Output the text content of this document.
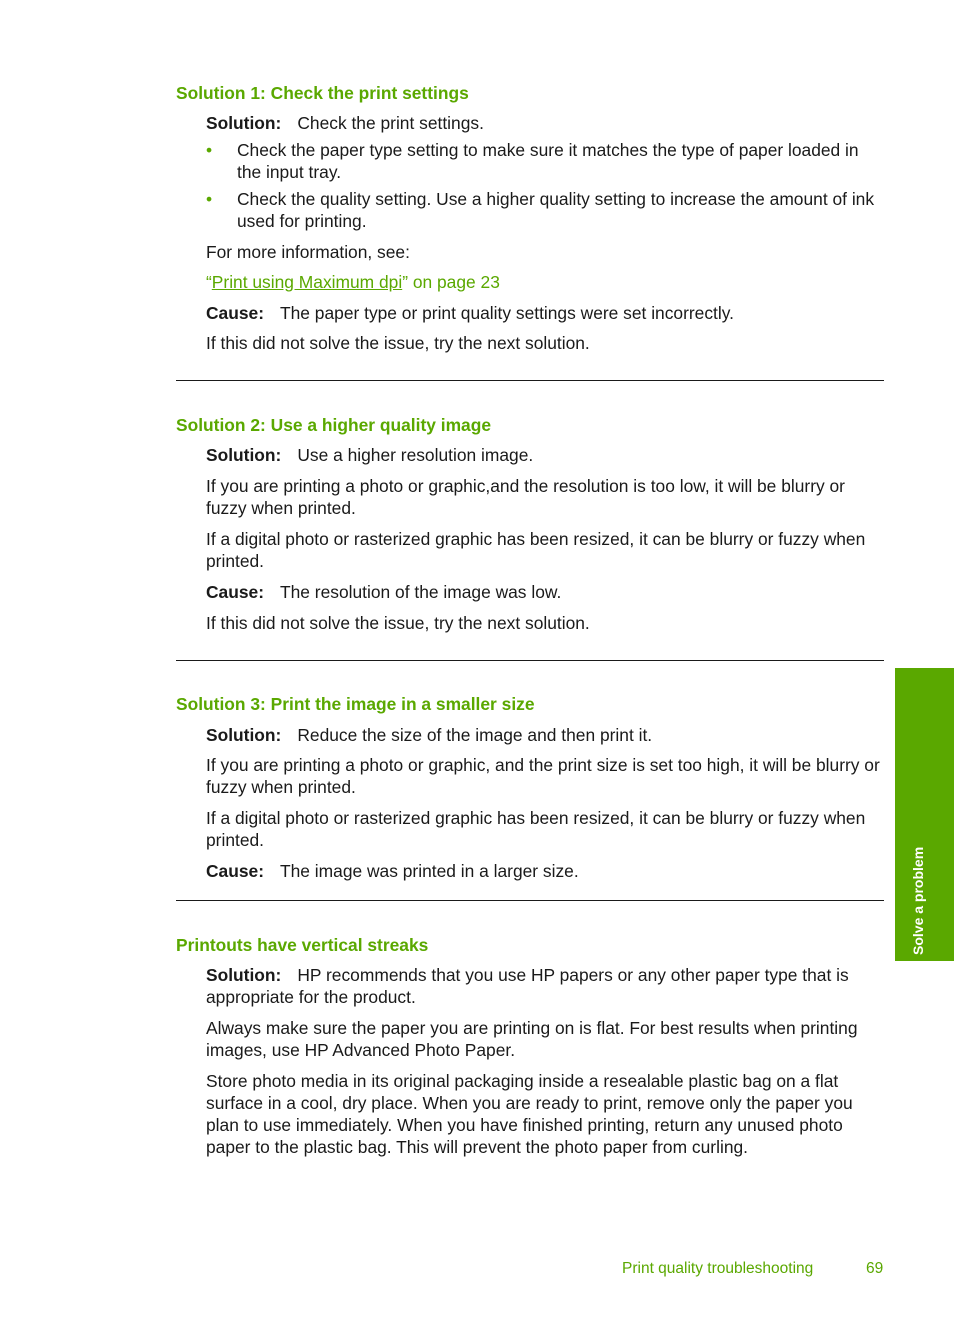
Solution 1: Check the print settings
Solution: Check the print settings.
• Check the paper type setting to make sure it matches the type of paper loaded in the input tray.
• Check the quality setting. Use a higher quality setting to increase the amount of ink used for printing.
For more information, see:
“Print using Maximum dpi” on page 23
Cause: The paper type or print quality settings were set incorrectly.
If this did not solve the issue, try the next solution.
Solution 2: Use a higher quality image
Solution: Use a higher resolution image.
If you are printing a photo or graphic,and the resolution is too low, it will be blurry or fuzzy when printed.
If a digital photo or rasterized graphic has been resized, it can be blurry or fuzzy when printed.
Cause: The resolution of the image was low.
If this did not solve the issue, try the next solution.
Solution 3: Print the image in a smaller size
Solution: Reduce the size of the image and then print it.
If you are printing a photo or graphic, and the print size is set too high, it will be blurry or fuzzy when printed.
If a digital photo or rasterized graphic has been resized, it can be blurry or fuzzy when printed.
Cause: The image was printed in a larger size.
Printouts have vertical streaks
Solution: HP recommends that you use HP papers or any other paper type that is appropriate for the product.
Always make sure the paper you are printing on is flat. For best results when printing images, use HP Advanced Photo Paper.
Store photo media in its original packaging inside a resealable plastic bag on a flat surface in a cool, dry place. When you are ready to print, remove only the paper you plan to use immediately. When you have finished printing, return any unused photo paper to the plastic bag. This will prevent the photo paper from curling.
Solve a problem
Print quality troubleshooting	69
